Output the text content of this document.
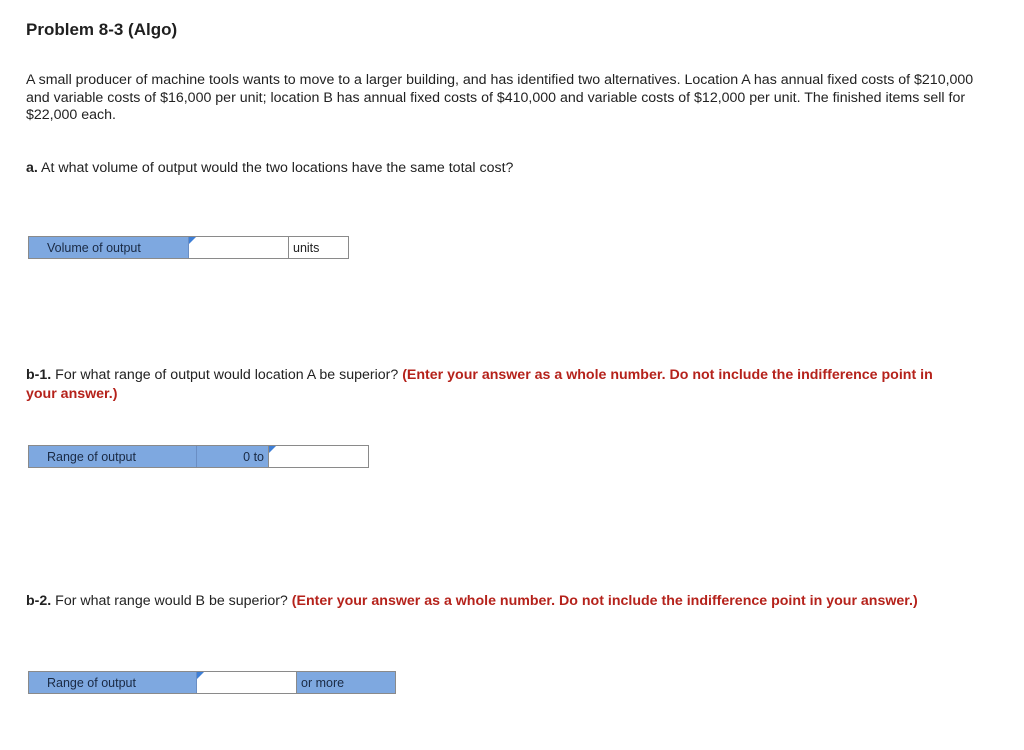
Problem 8-3 (Algo)
A small producer of machine tools wants to move to a larger building, and has identified two alternatives. Location A has annual fixed costs of $210,000 and variable costs of $16,000 per unit; location B has annual fixed costs of $410,000 and variable costs of $12,000 per unit. The finished items sell for $22,000 each.
a. At what volume of output would the two locations have the same total cost?
Volume of output	units
b-1. For what range of output would location A be superior? (Enter your answer as a whole number. Do not include the indifference point in your answer.)
Range of output	0 to
b-2. For what range would B be superior? (Enter your answer as a whole number. Do not include the indifference point in your answer.)
Range of output	or more
